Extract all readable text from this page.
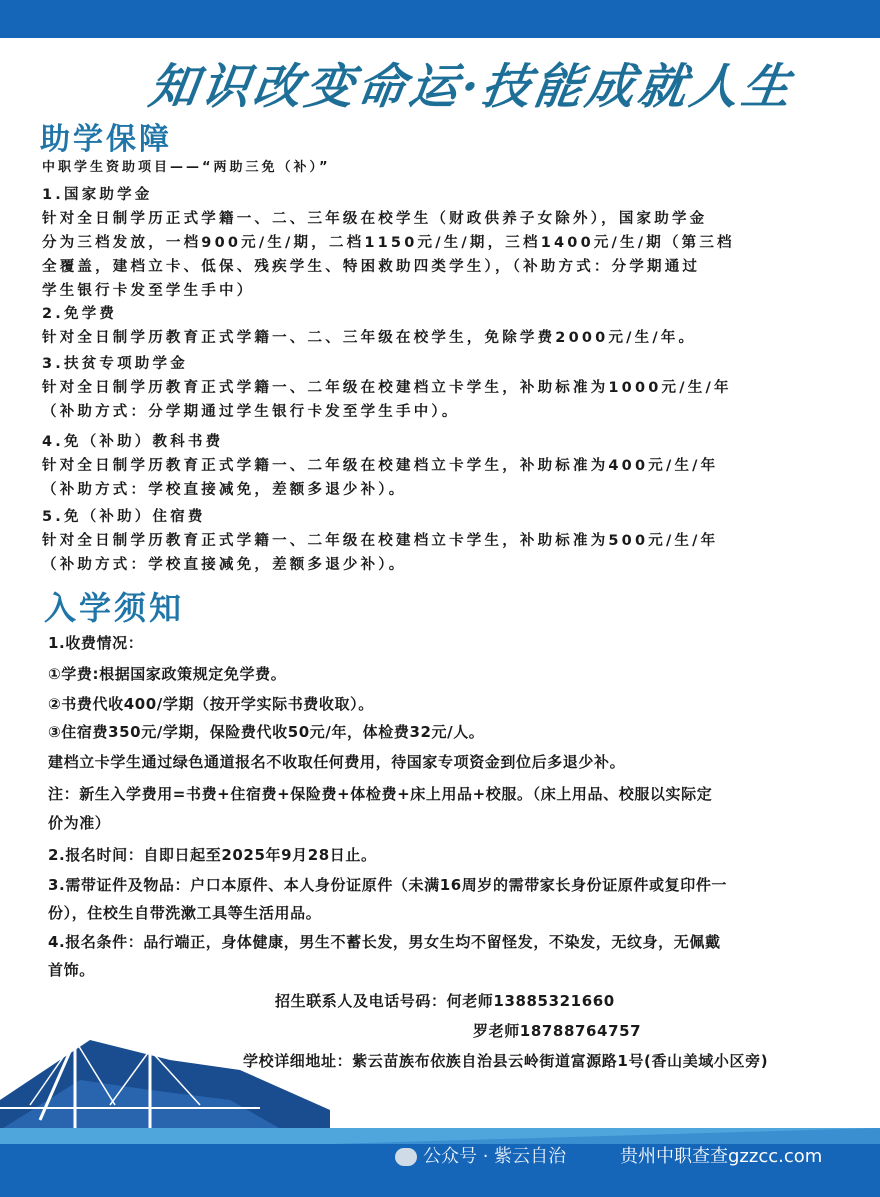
知识改变命运·技能成就人生
助学保障
中职学生资助项目——“两助三免（补）”
1.国家助学金
针对全日制学历正式学籍一、二、三年级在校学生（财政供养子女除外），国家助学金
分为三档发放，一档900元/生/期，二档1150元/生/期，三档1400元/生/期（第三档
全覆盖，建档立卡、低保、残疾学生、特困救助四类学生），（补助方式：分学期通过
学生银行卡发至学生手中）
2.免学费
针对全日制学历教育正式学籍一、二、三年级在校学生，免除学费2000元/生/年。
3.扶贫专项助学金
针对全日制学历教育正式学籍一、二年级在校建档立卡学生，补助标准为1000元/生/年
（补助方式：分学期通过学生银行卡发至学生手中）。
4.免（补助）教科书费
针对全日制学历教育正式学籍一、二年级在校建档立卡学生，补助标准为400元/生/年
（补助方式：学校直接减免，差额多退少补）。
5.免（补助）住宿费
针对全日制学历教育正式学籍一、二年级在校建档立卡学生，补助标准为500元/生/年
（补助方式：学校直接减免，差额多退少补）。
入学须知
1.收费情况：
①学费:根据国家政策规定免学费。
②书费代收400/学期（按开学实际书费收取）。
③住宿费350元/学期，保险费代收50元/年，体检费32元/人。
建档立卡学生通过绿色通道报名不收取任何费用，待国家专项资金到位后多退少补。
注：新生入学费用=书费+住宿费+保险费+体检费+床上用品+校服。（床上用品、校服以实际定
价为准）
2.报名时间：自即日起至2025年9月28日止。
3.需带证件及物品：户口本原件、本人身份证原件（未满16周岁的需带家长身份证原件或复印件一
份），住校生自带洗漱工具等生活用品。
4.报名条件：品行端正，身体健康，男生不蓄长发，男女生均不留怪发，不染发，无纹身，无佩戴
首饰。
招生联系人及电话号码：何老师13885321660
罗老师18788764757
学校详细地址：紫云苗族布依族自治县云岭街道富源路1号(香山美域小区旁)
公众号 · 紫云自治	贵州中职查查gzzcc.com
